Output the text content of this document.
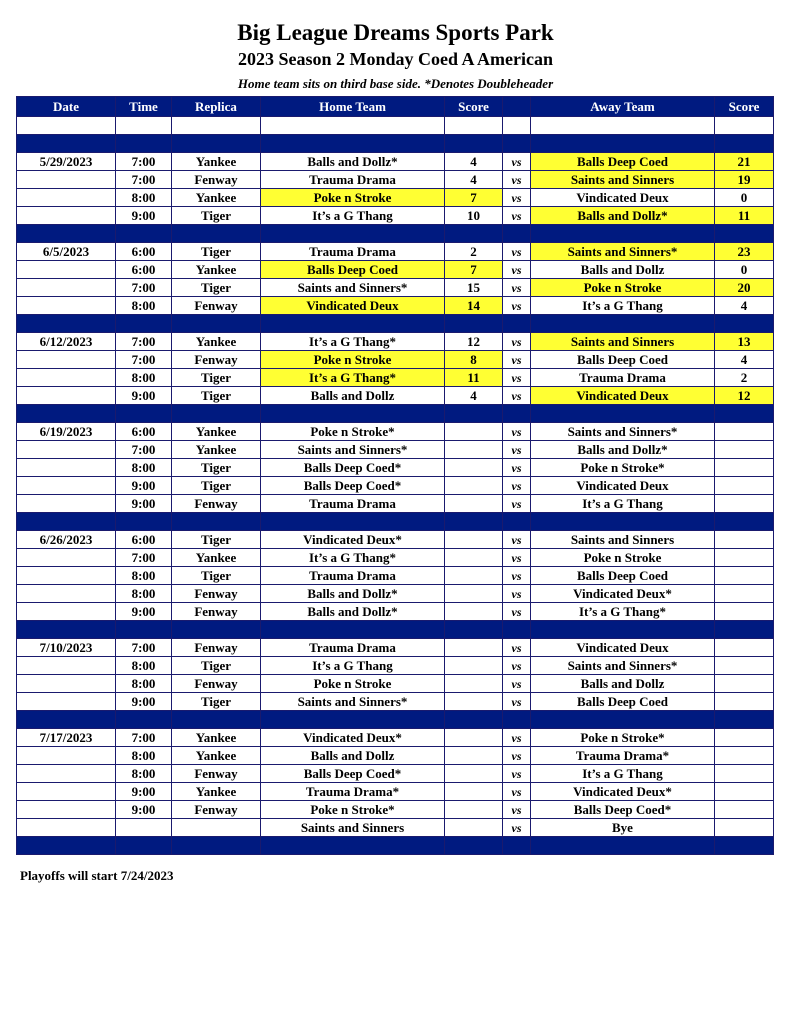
Big League Dreams Sports Park
2023 Season 2 Monday Coed A American
Home team sits on third base side. *Denotes Doubleheader
Date	Time	Replica	Home Team	Score		Away Team	Score

5/29/2023	7:00	Yankee	Balls and Dollz*	4	vs	Balls Deep Coed	21
	7:00	Fenway	Trauma Drama	4	vs	Saints and Sinners	19
	8:00	Yankee	Poke n Stroke	7	vs	Vindicated Deux	0
	9:00	Tiger	It’s a G Thang	10	vs	Balls and Dollz*	11

6/5/2023	6:00	Tiger	Trauma Drama	2	vs	Saints and Sinners*	23
	6:00	Yankee	Balls Deep Coed	7	vs	Balls and Dollz	0
	7:00	Tiger	Saints and Sinners*	15	vs	Poke n Stroke	20
	8:00	Fenway	Vindicated Deux	14	vs	It’s a G Thang	4

6/12/2023	7:00	Yankee	It’s a G Thang*	12	vs	Saints and Sinners	13
	7:00	Fenway	Poke n Stroke	8	vs	Balls Deep Coed	4
	8:00	Tiger	It’s a G Thang*	11	vs	Trauma Drama	2
	9:00	Tiger	Balls and Dollz	4	vs	Vindicated Deux	12

6/19/2023	6:00	Yankee	Poke n Stroke*		vs	Saints and Sinners*	
	7:00	Yankee	Saints and Sinners*		vs	Balls and Dollz*	
	8:00	Tiger	Balls Deep Coed*		vs	Poke n Stroke*	
	9:00	Tiger	Balls Deep Coed*		vs	Vindicated Deux	
	9:00	Fenway	Trauma Drama		vs	It’s a G Thang	

6/26/2023	6:00	Tiger	Vindicated Deux*		vs	Saints and Sinners	
	7:00	Yankee	It’s a G Thang*		vs	Poke n Stroke	
	8:00	Tiger	Trauma Drama		vs	Balls Deep Coed	
	8:00	Fenway	Balls and Dollz*		vs	Vindicated Deux*	
	9:00	Fenway	Balls and Dollz*		vs	It’s a G Thang*	

7/10/2023	7:00	Fenway	Trauma Drama		vs	Vindicated Deux	
	8:00	Tiger	It’s a G Thang		vs	Saints and Sinners*	
	8:00	Fenway	Poke n Stroke		vs	Balls and Dollz	
	9:00	Tiger	Saints and Sinners*		vs	Balls Deep Coed	

7/17/2023	7:00	Yankee	Vindicated Deux*		vs	Poke n Stroke*	
	8:00	Yankee	Balls and Dollz		vs	Trauma Drama*	
	8:00	Fenway	Balls Deep Coed*		vs	It’s a G Thang	
	9:00	Yankee	Trauma Drama*		vs	Vindicated Deux*	
	9:00	Fenway	Poke n Stroke*		vs	Balls Deep Coed*	
			Saints and Sinners		vs	Bye	

Playoffs will start 7/24/2023
